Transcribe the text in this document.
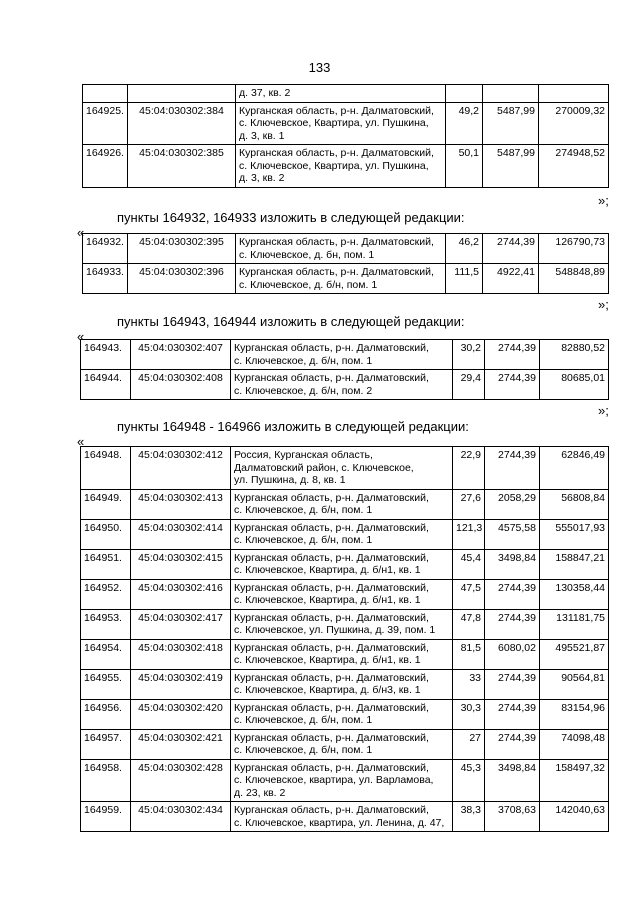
133

		д. 37, кв. 2			

164925.	45:04:030302:384	Курганская область, р-н. Далматовский,
с. Ключевское, Квартира, ул. Пушкина,
д. 3, кв. 1	49,2	5487,99	270009,32
164926.	45:04:030302:385	Курганская область, р-н. Далматовский,
с. Ключевское, Квартира, ул. Пушкина,
д. 3, кв. 2	50,1	5487,99	274948,52
»;
пункты 164932, 164933 изложить в следующей редакции:
«
164932.	45:04:030302:395	Курганская область, р-н. Далматовский,
с. Ключевское, д. бн, пом. 1	46,2	2744,39	126790,73
164933.	45:04:030302:396	Курганская область, р-н. Далматовский,
с. Ключевское, д. б/н, пом. 1	111,5	4922,41	548848,89
»;
пункты 164943, 164944 изложить в следующей редакции:
«
164943.	45:04:030302:407	Курганская область, р-н. Далматовский,
с. Ключевское, д. б/н, пом. 1	30,2	2744,39	82880,52
164944.	45:04:030302:408	Курганская область, р-н. Далматовский,
с. Ключевское, д. б/н, пом. 2	29,4	2744,39	80685,01
»;
пункты 164948 - 164966 изложить в следующей редакции:
«
164948.	45:04:030302:412	Россия, Курганская область,
Далматовский район, с. Ключевское,
ул. Пушкина, д. 8, кв. 1	22,9	2744,39	62846,49
164949.	45:04:030302:413	Курганская область, р-н. Далматовский,
с. Ключевское, д. б/н, пом. 1	27,6	2058,29	56808,84
164950.	45:04:030302:414	Курганская область, р-н. Далматовский,
с. Ключевское, д. б/н, пом. 1	121,3	4575,58	555017,93
164951.	45:04:030302:415	Курганская область, р-н. Далматовский,
с. Ключевское, Квартира, д. б/н1, кв. 1	45,4	3498,84	158847,21
164952.	45:04:030302:416	Курганская область, р-н. Далматовский,
с. Ключевское, Квартира, д. б/н1, кв. 1	47,5	2744,39	130358,44
164953.	45:04:030302:417	Курганская область, р-н. Далматовский,
с. Ключевское, ул. Пушкина, д. 39, пом. 1	47,8	2744,39	131181,75
164954.	45:04:030302:418	Курганская область, р-н. Далматовский,
с. Ключевское, Квартира, д. б/н1, кв. 1	81,5	6080,02	495521,87
164955.	45:04:030302:419	Курганская область, р-н. Далматовский,
с. Ключевское, Квартира, д. б/н3, кв. 1	33	2744,39	90564,81
164956.	45:04:030302:420	Курганская область, р-н. Далматовский,
с. Ключевское, д. б/н, пом. 1	30,3	2744,39	83154,96
164957.	45:04:030302:421	Курганская область, р-н. Далматовский,
с. Ключевское, д. б/н, пом. 1	27	2744,39	74098,48
164958.	45:04:030302:428	Курганская область, р-н. Далматовский,
с. Ключевское, квартира, ул. Варламова,
д. 23, кв. 2	45,3	3498,84	158497,32
164959.	45:04:030302:434	Курганская область, р-н. Далматовский,
с. Ключевское, квартира, ул. Ленина, д. 47,	38,3	3708,63	142040,63
